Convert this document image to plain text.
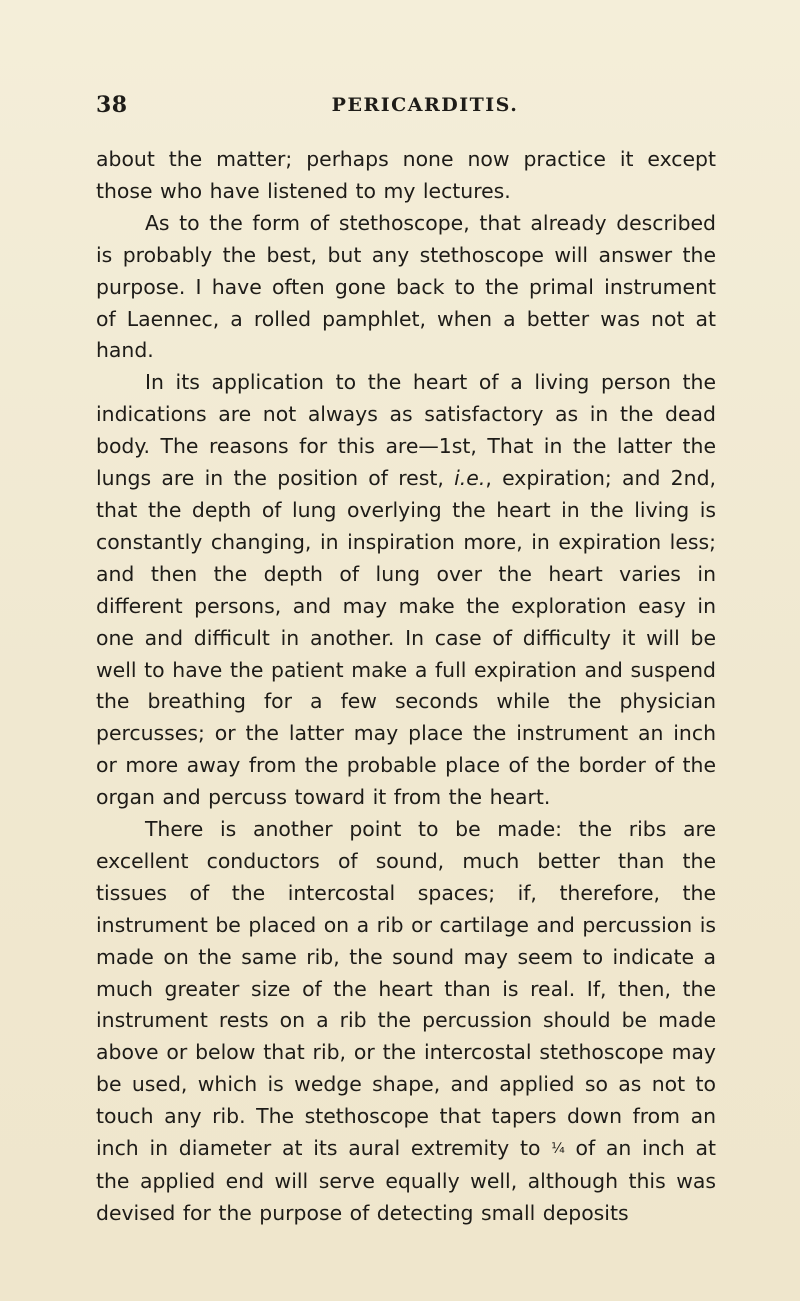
38	PERICARDITIS.

about the matter; perhaps none now practice it except those who have listened to my lectures.

As to the form of stethoscope, that already described is probably the best, but any stethoscope will answer the purpose. I have often gone back to the primal instrument of Laennec, a rolled pamphlet, when a better was not at hand.

In its application to the heart of a living person the indications are not always as satisfactory as in the dead body. The reasons for this are—1st, That in the latter the lungs are in the position of rest, i.e., expiration; and 2nd, that the depth of lung overlying the heart in the living is constantly changing, in inspiration more, in expiration less; and then the depth of lung over the heart varies in different persons, and may make the exploration easy in one and difficult in another. In case of difficulty it will be well to have the patient make a full expiration and suspend the breathing for a few seconds while the physician percusses; or the latter may place the instrument an inch or more away from the probable place of the border of the organ and percuss toward it from the heart.

There is another point to be made: the ribs are excellent conductors of sound, much better than the tissues of the intercostal spaces; if, therefore, the instrument be placed on a rib or cartilage and percussion is made on the same rib, the sound may seem to indicate a much greater size of the heart than is real. If, then, the instrument rests on a rib the percussion should be made above or below that rib, or the intercostal stethoscope may be used, which is wedge shape, and applied so as not to touch any rib. The stethoscope that tapers down from an inch in diameter at its aural extremity to ¼ of an inch at the applied end will serve equally well, although this was devised for the purpose of detecting small deposits
